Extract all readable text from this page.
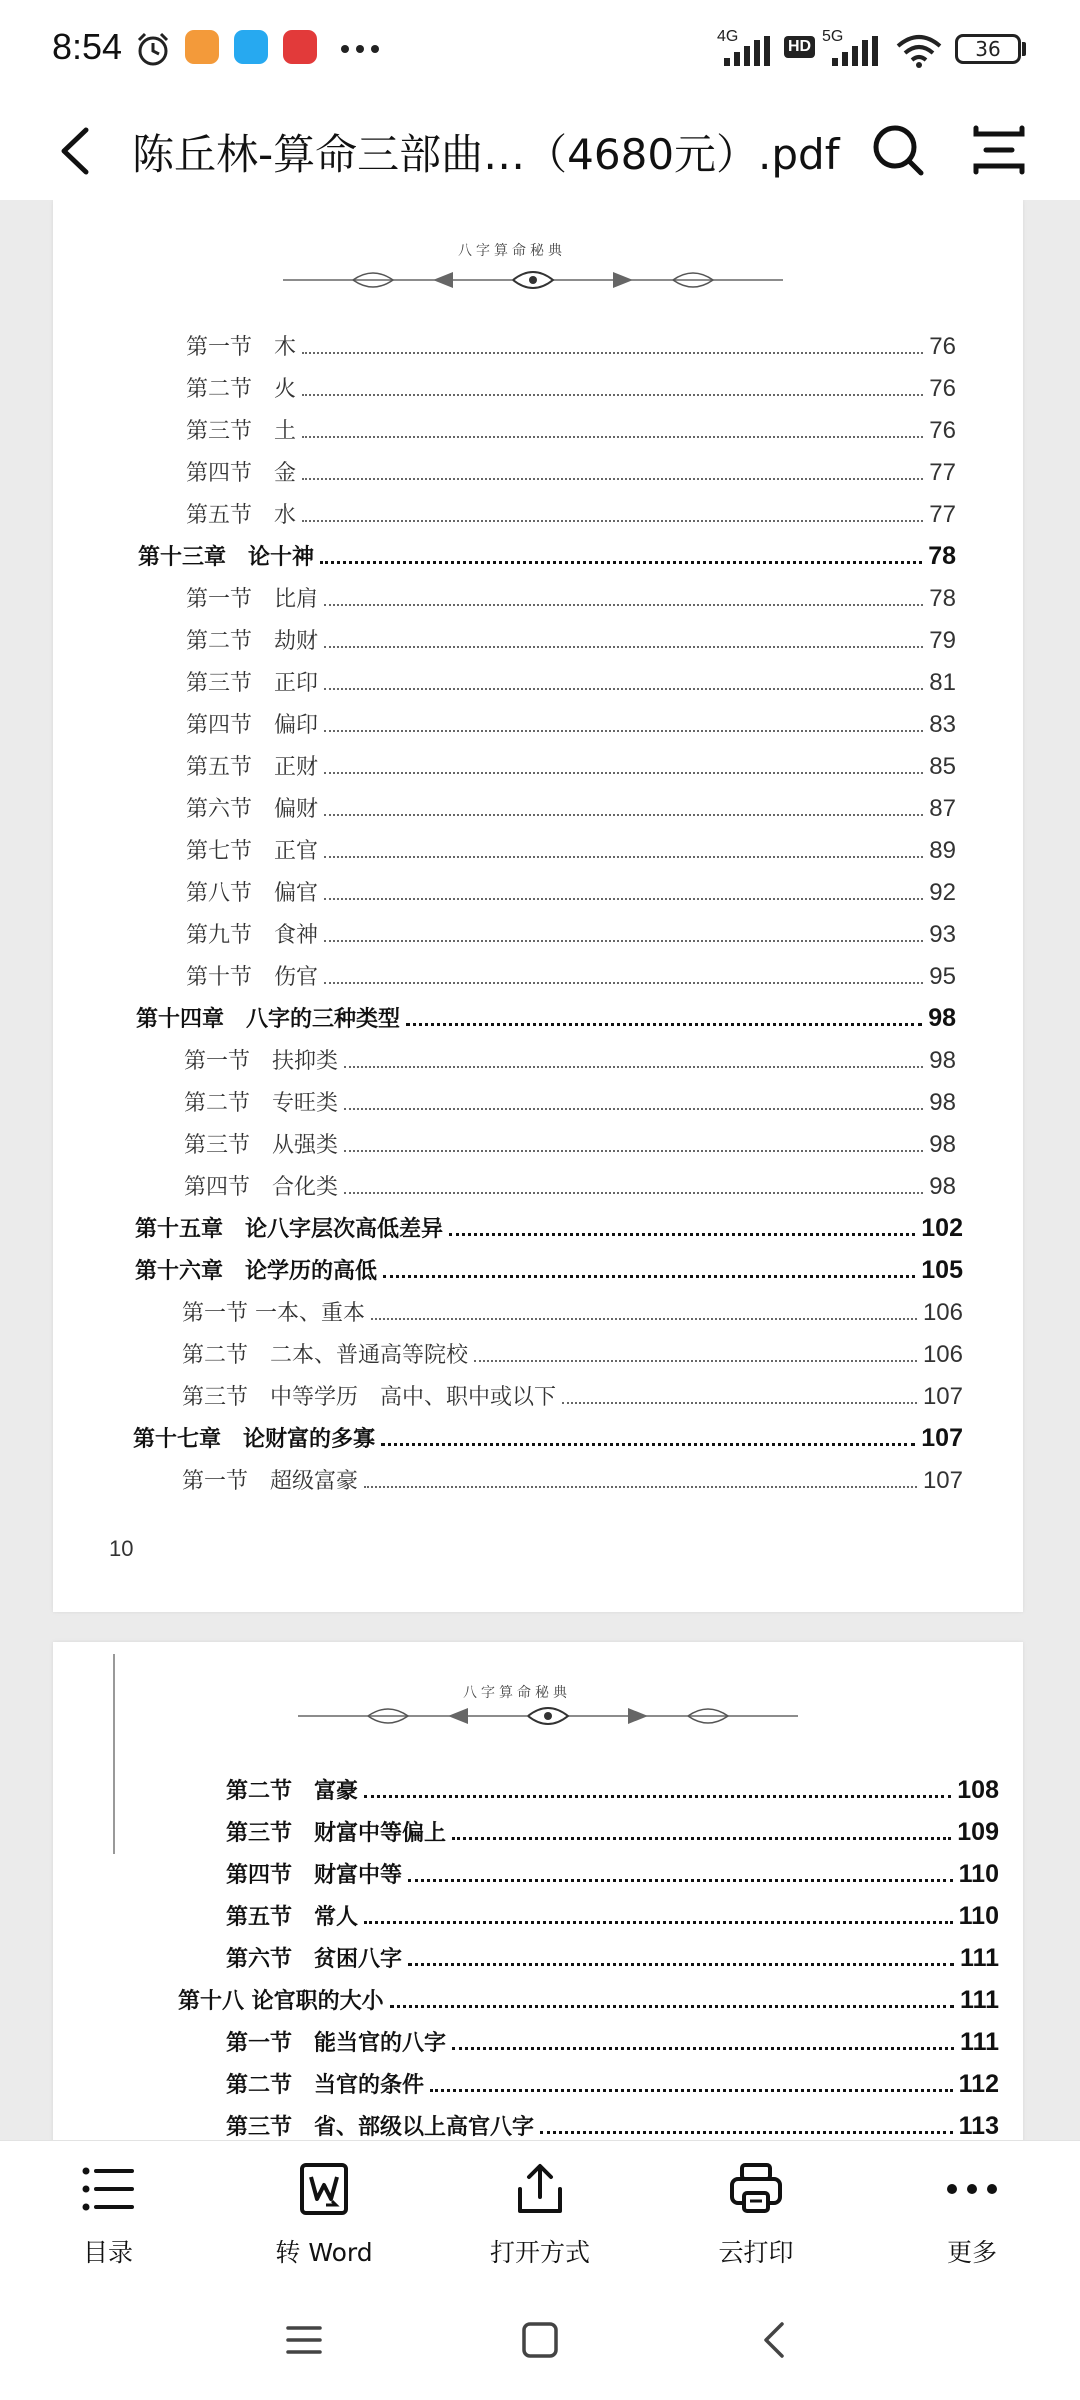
8:54	4G
HD
5G
36
陈丘林-算命三部曲…（4680元）.pdf
八字算命秘典
第一节　木	76
第二节　火	76
第三节　土	76
第四节　金	77
第五节　水	77
第十三章　论十神	78
第一节　比肩	78
第二节　劫财	79
第三节　正印	81
第四节　偏印	83
第五节　正财	85
第六节　偏财	87
第七节　正官	89
第八节　偏官	92
第九节　食神	93
第十节　伤官	95
第十四章　八字的三种类型	98
第一节　扶抑类	98
第二节　专旺类	98
第三节　从强类	98
第四节　合化类	98
第十五章　论八字层次高低差异	102
第十六章　论学历的高低	105
第一节 一本、重本	106
第二节　二本、普通高等院校	106
第三节　中等学历　高中、职中或以下	107
第十七章　论财富的多寡	107
第一节　超级富豪	107
10
八字算命秘典
第二节　富豪	108
第三节　财富中等偏上	109
第四节　财富中等	110
第五节　常人	110
第六节　贫困八字	111
第十八 论官职的大小	111
第一节　能当官的八字	111
第二节　当官的条件	112
第三节　省、部级以上高官八字	113
目录	转 Word	打开方式	云打印	更多
